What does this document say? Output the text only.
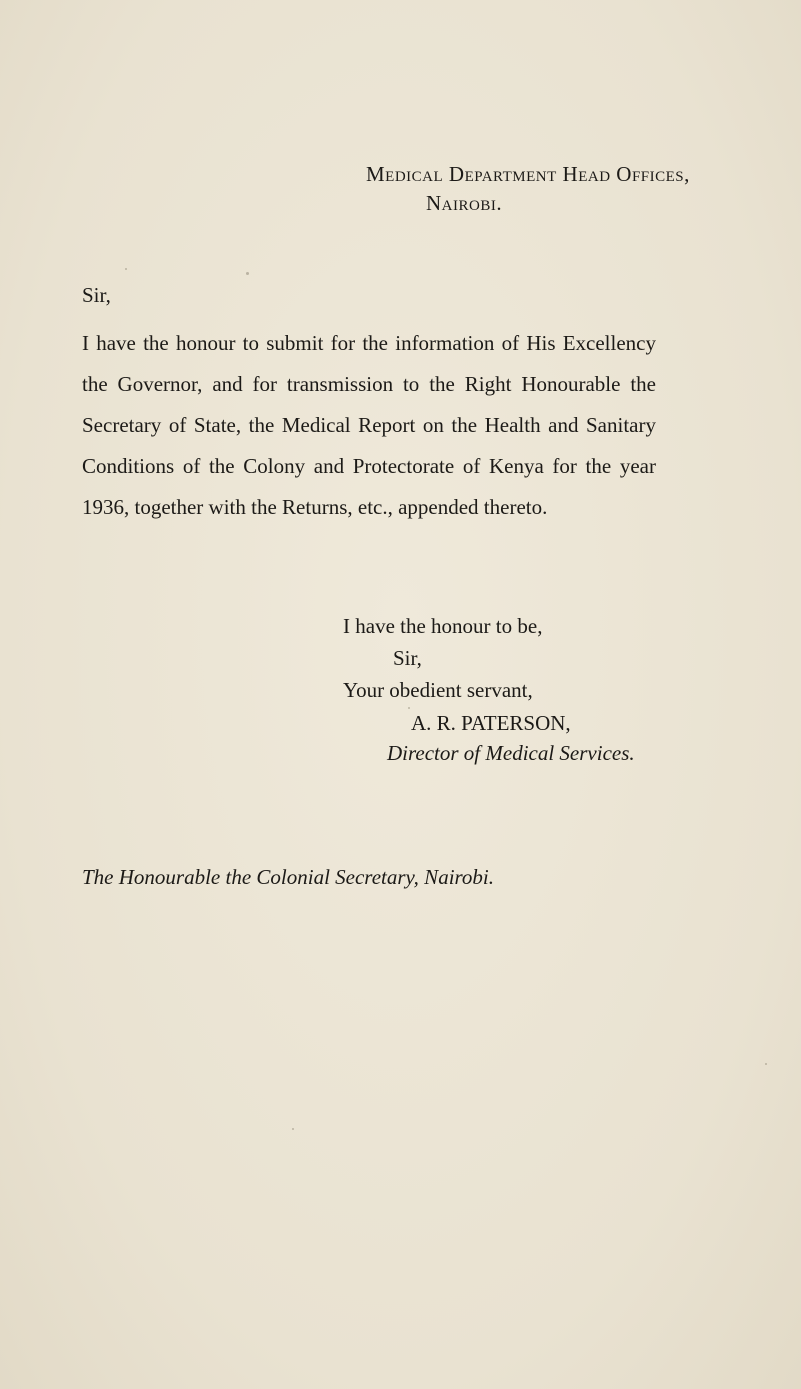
Medical Department Head Offices,
Nairobi.
Sir,
I have the honour to submit for the information of His Excellency the Governor, and for transmission to the Right Honourable the Secretary of State, the Medical Report on the Health and Sanitary Conditions of the Colony and Protectorate of Kenya for the year 1936, together with the Returns, etc., appended thereto.
I have the honour to be,
Sir,
Your obedient servant,
A. R. PATERSON,
Director of Medical Services.
The Honourable the Colonial Secretary, Nairobi.
